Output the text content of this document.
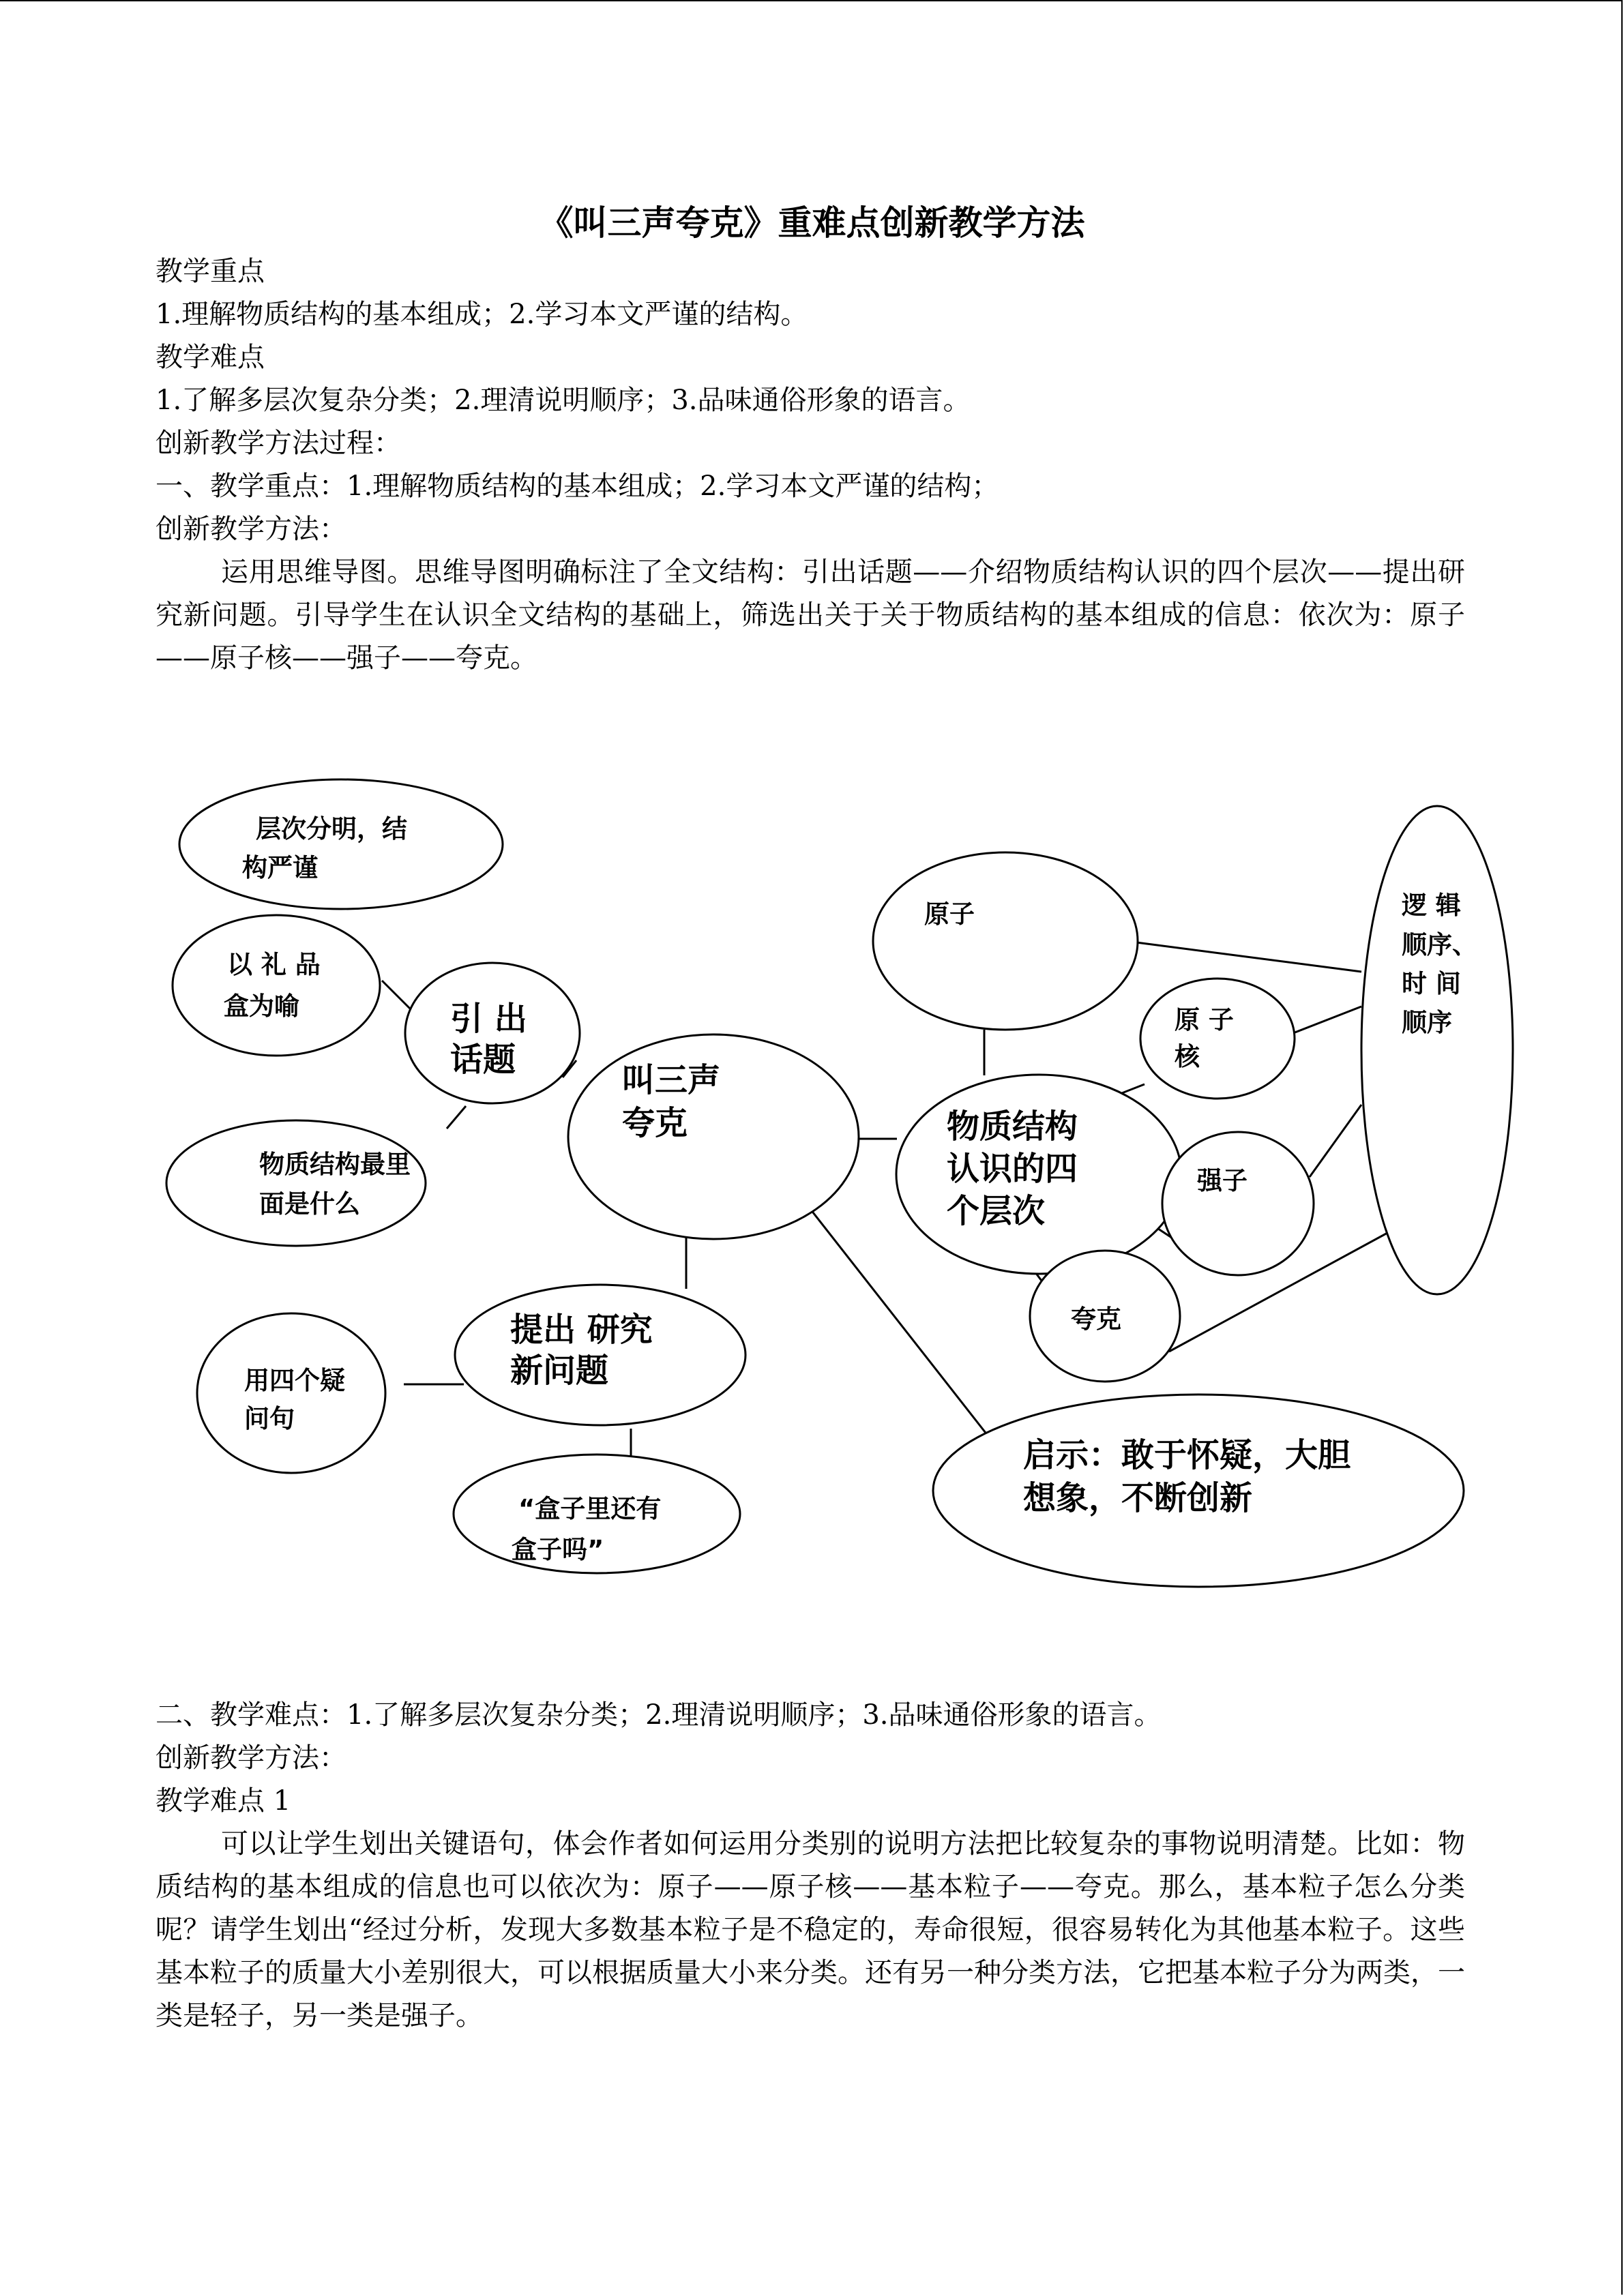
《叫三声夸克》重难点创新教学方法

教学重点

1.理解物质结构的基本组成；2.学习本文严谨的结构。

教学难点

1.了解多层次复杂分类；2.理清说明顺序；3.品味通俗形象的语言。

创新教学方法过程：

一、教学重点：1.理解物质结构的基本组成；2.学习本文严谨的结构；

创新教学方法：

运用思维导图。思维导图明确标注了全文结构：引出话题——介绍物质结构认识的四个层次——提出研究新问题。引导学生在认识全文结构的基础上，筛选出关于关于物质结构的基本组成的信息：依次为：原子——原子核——强子——夸克。

叫三声夸克
引 出话题
层次分明，结构严谨
以 礼 品盒为喻
物质结构最里面是什么
物质结构认识的四个层次
原子
原 子核
强子
夸克
逻 辑顺序、时 间顺序
提出 研究新问题
用四个疑问句
“盒子里还有盒子吗”
启示：敢于怀疑，大胆想象，不断创新

二、教学难点：1.了解多层次复杂分类；2.理清说明顺序；3.品味通俗形象的语言。

创新教学方法：

教学难点 1

可以让学生划出关键语句，体会作者如何运用分类别的说明方法把比较复杂的事物说明清楚。比如：物质结构的基本组成的信息也可以依次为：原子——原子核——基本粒子——夸克。那么，基本粒子怎么分类呢？请学生划出“经过分析，发现大多数基本粒子是不稳定的，寿命很短，很容易转化为其他基本粒子。这些基本粒子的质量大小差别很大，可以根据质量大小来分类。还有另一种分类方法，它把基本粒子分为两类，一类是轻子，另一类是强子。
